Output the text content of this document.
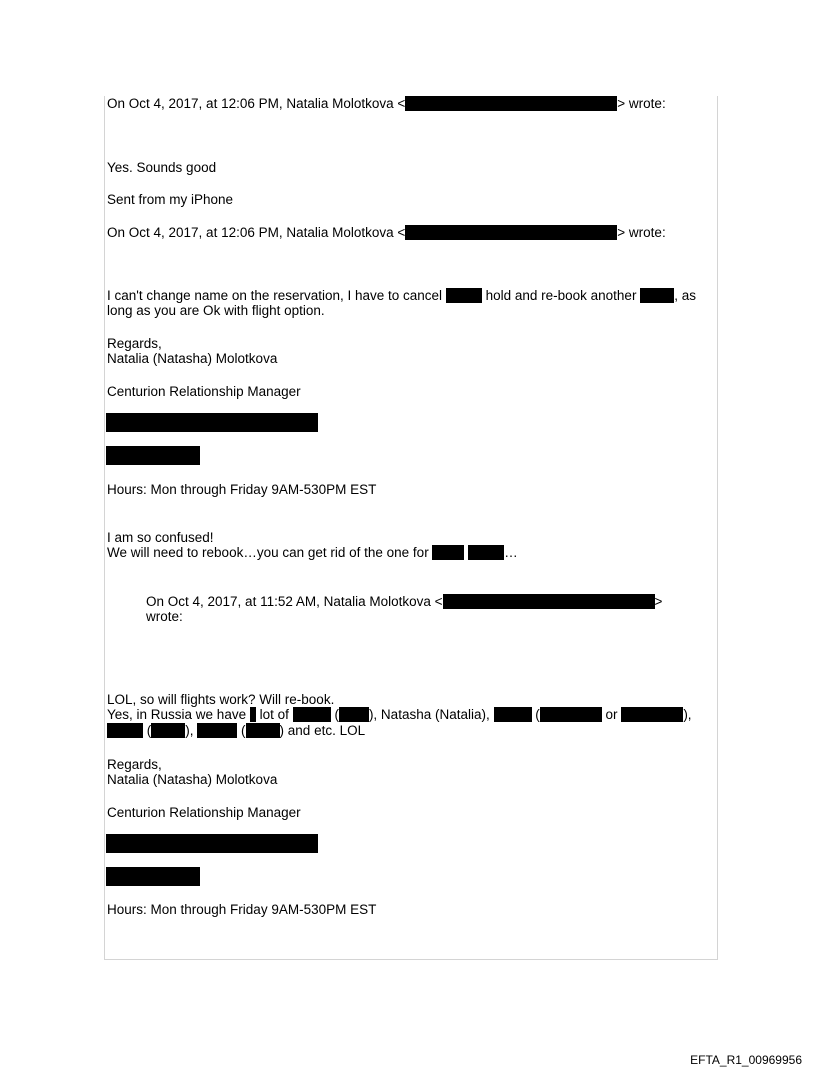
On Oct 4, 2017, at 12:06 PM, Natalia Molotkova <	> wrote:
Yes. Sounds good
Sent from my iPhone
On Oct 4, 2017, at 12:06 PM, Natalia Molotkova <	> wrote:
I can't change name on the reservation, I have to cancel	hold and re-book another	, as
long as you are Ok with flight option.
Regards,
Natalia (Natasha) Molotkova
Centurion Relationship Manager
Hours: Mon through Friday 9AM-530PM EST
I am so confused!
We will need to rebook…you can get rid of the one for	…
On Oct 4, 2017, at 11:52 AM, Natalia Molotkova <	>
wrote:
LOL, so will flights work? Will re-book.
Yes, in Russia we have lot of	( ), Natasha (Natalia),	(	or	),
(	),	(	) and etc. LOL
Regards,
Natalia (Natasha) Molotkova
Centurion Relationship Manager
Hours: Mon through Friday 9AM-530PM EST
EFTA_R1_00969956
